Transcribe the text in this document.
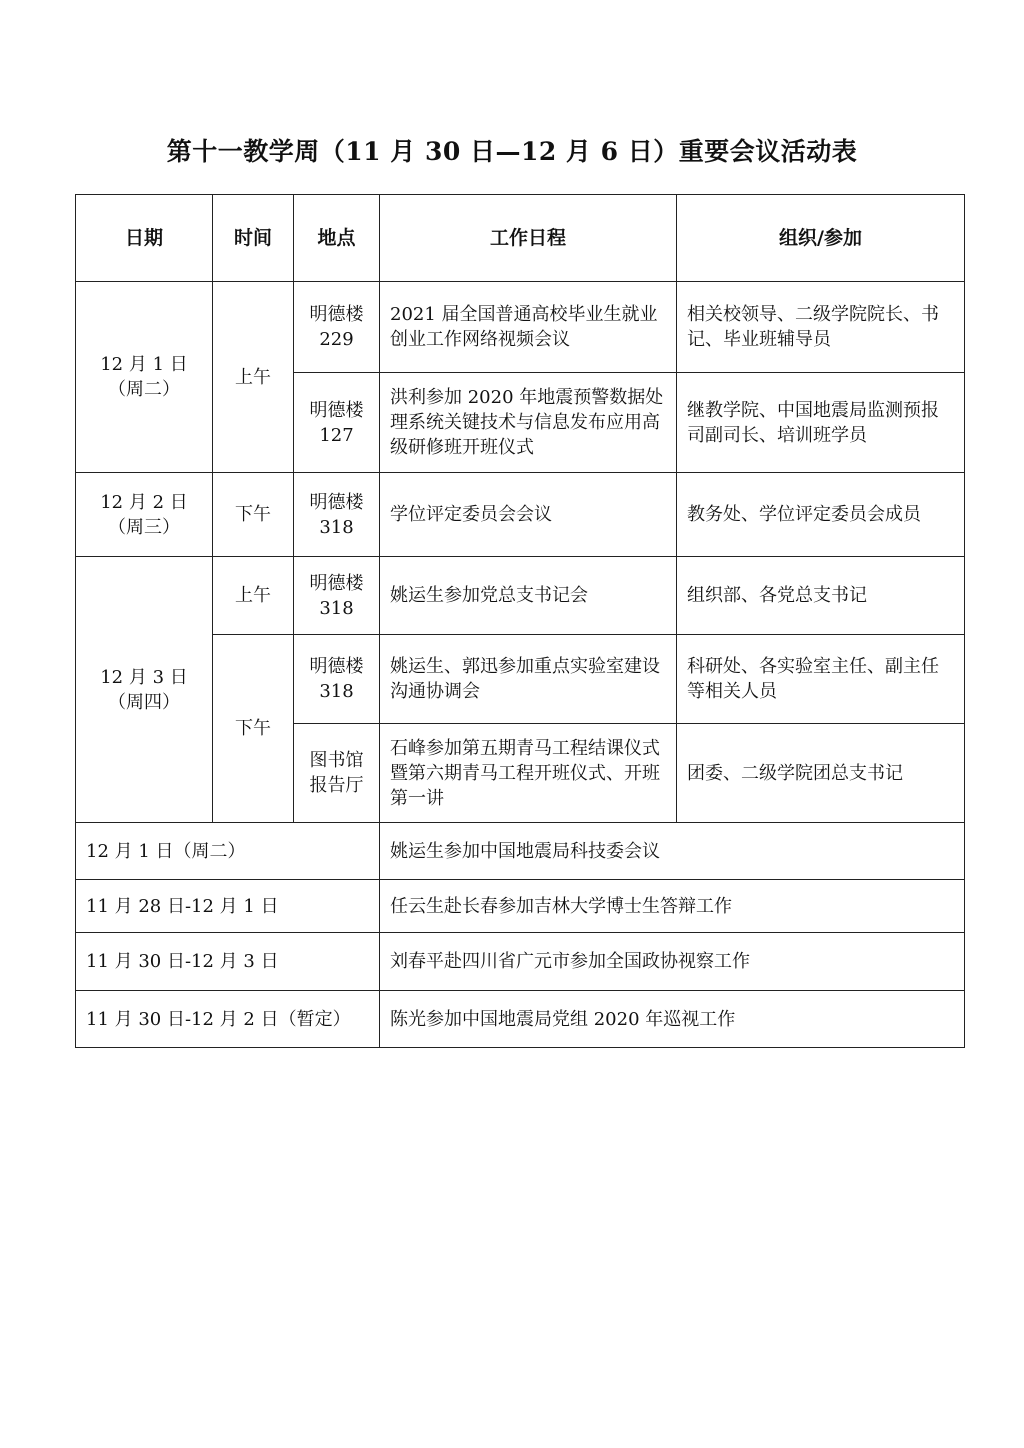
第十一教学周（11 月 30 日—12 月 6 日）重要会议活动表
日期	时间	地点	工作日程	组织/参加

12 月 1 日
（周二）	上午	明德楼 229	2021 届全国普通高校毕业生就业创业工作网络视频会议	相关校领导、二级学院院长、书记、毕业班辅导员
		明德楼 127	洪利参加 2020 年地震预警数据处理系统关键技术与信息发布应用高级研修班开班仪式	继教学院、中国地震局监测预报司副司长、培训班学员

12 月 2 日
（周三）	下午	明德楼 318	学位评定委员会会议	教务处、学位评定委员会成员

12 月 3 日
（周四）	上午	明德楼 318	姚运生参加党总支书记会	组织部、各党总支书记
	下午	明德楼 318	姚运生、郭迅参加重点实验室建设沟通协调会	科研处、各实验室主任、副主任等相关人员
		图书馆报告厅	石峰参加第五期青马工程结课仪式暨第六期青马工程开班仪式、开班第一讲	团委、二级学院团总支书记
12 月 1 日（周二）			姚运生参加中国地震局科技委会议	
11 月 28 日-12 月 1 日			任云生赴长春参加吉林大学博士生答辩工作	
11 月 30 日-12 月 3 日			刘春平赴四川省广元市参加全国政协视察工作	
11 月 30 日-12 月 2 日（暂定）			陈光参加中国地震局党组 2020 年巡视工作	
